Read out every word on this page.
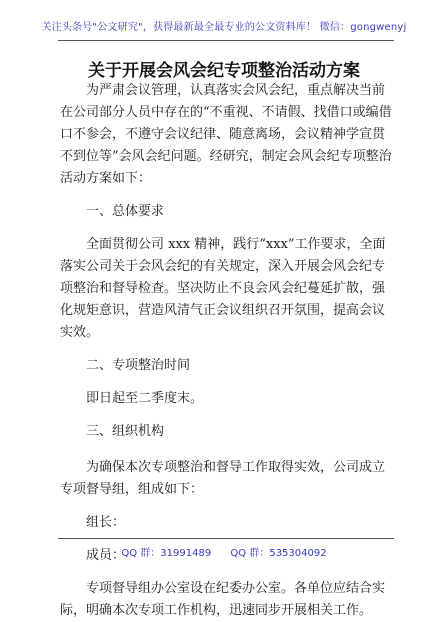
关注头条号"公文研究"，获得最新最全最专业的公文资料库！ 微信：gongwenyj
关于开展会风会纪专项整治活动方案

为严肃会议管理，认真落实会风会纪，重点解决当前在公司部分人员中存在的“不重视、不请假、找借口或编借口不参会，不遵守会议纪律、随意离场，会议精神学宣贯不到位等”会风会纪问题。经研究，制定会风会纪专项整治活动方案如下：

一、总体要求

全面贯彻公司 xxx 精神，践行“xxx”工作要求，全面落实公司关于会风会纪的有关规定，深入开展会风会纪专项整治和督导检查。坚决防止不良会风会纪蔓延扩散，强化规矩意识，营造风清气正会议组织召开氛围，提高会议实效。

二、专项整治时间

即日起至二季度末。

三、组织机构

为确保本次专项整治和督导工作取得实效，公司成立专项督导组，组成如下：

组长：

成员：

专项督导组办公室设在纪委办公室。各单位应结合实际，明确本次专项工作机构，迅速同步开展相关工作。

QQ 群：31991489 QQ 群：535304092
